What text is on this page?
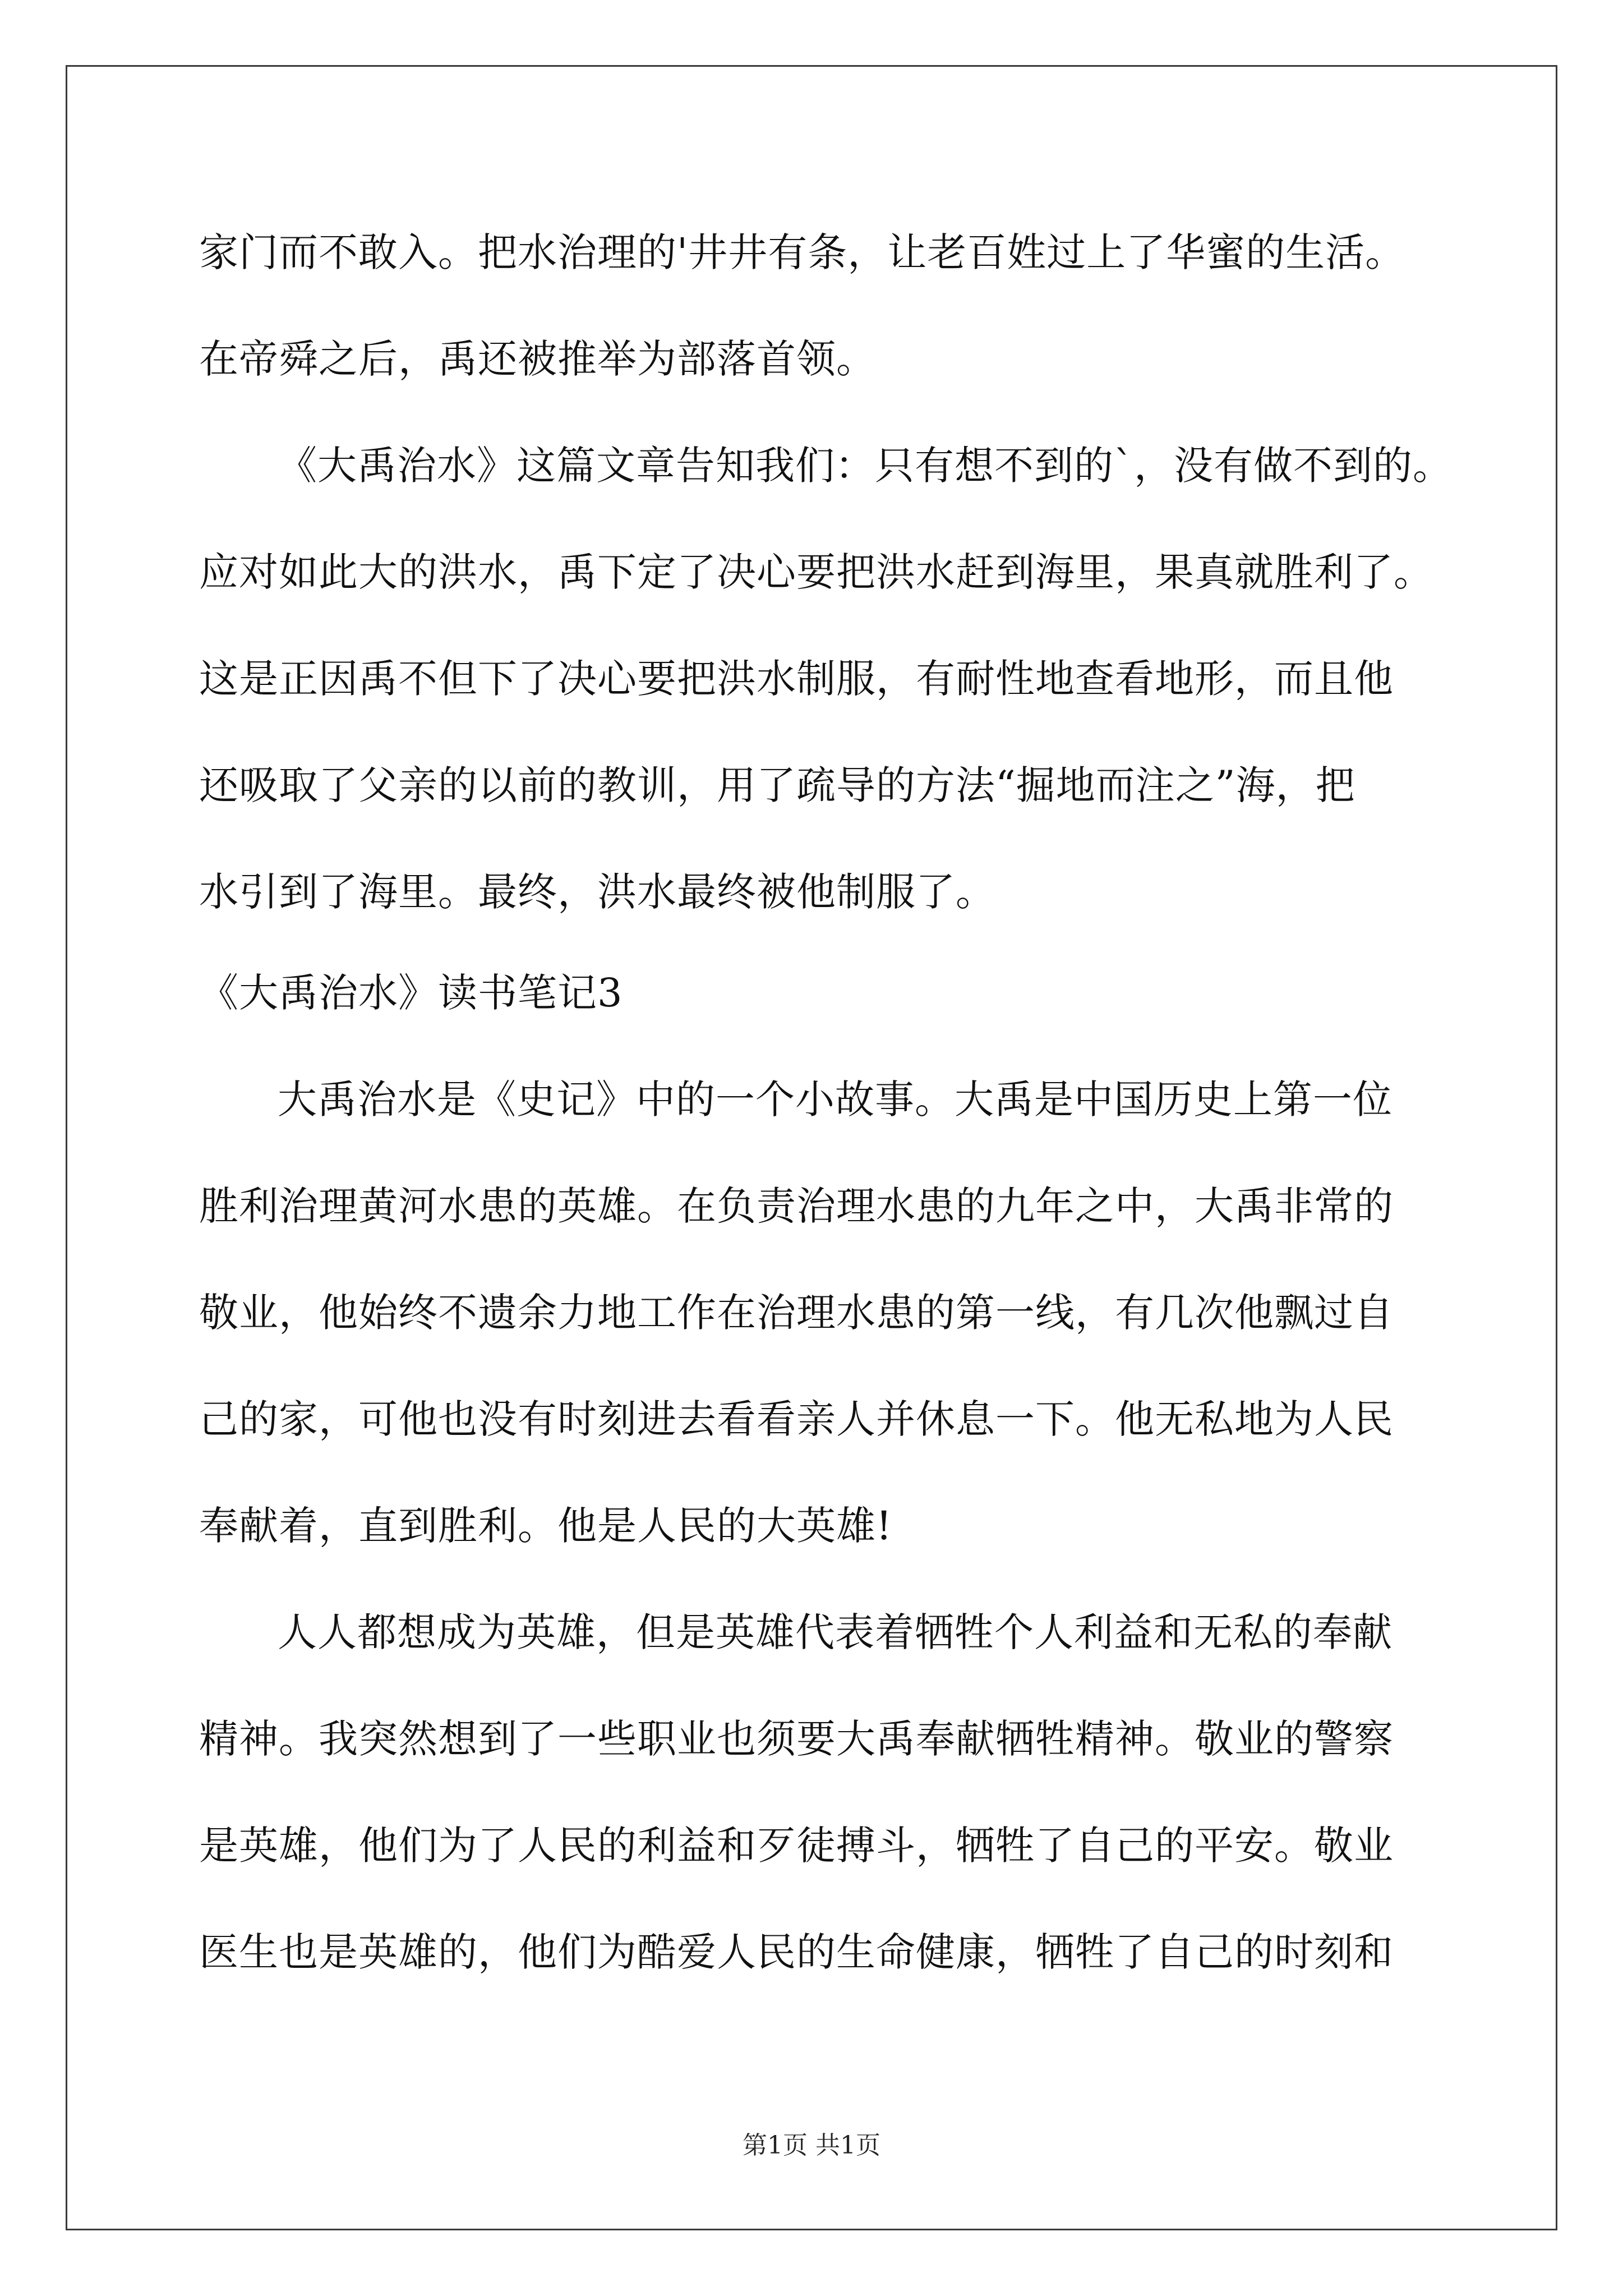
家门而不敢入。把水治理的'井井有条，让老百姓过上了华蜜的生活。
在帝舜之后，禹还被推举为部落首领。
《大禹治水》这篇文章告知我们：只有想不到的`，没有做不到的。
应对如此大的洪水，禹下定了决心要把洪水赶到海里，果真就胜利了。
这是正因禹不但下了决心要把洪水制服，有耐性地查看地形，而且他
还吸取了父亲的以前的教训，用了疏导的方法“掘地而注之”海，把
水引到了海里。最终，洪水最终被他制服了。
《大禹治水》读书笔记3
大禹治水是《史记》中的一个小故事。大禹是中国历史上第一位
胜利治理黄河水患的英雄。在负责治理水患的九年之中，大禹非常的
敬业，他始终不遗余力地工作在治理水患的第一线，有几次他飘过自
己的家，可他也没有时刻进去看看亲人并休息一下。他无私地为人民
奉献着，直到胜利。他是人民的大英雄!
人人都想成为英雄，但是英雄代表着牺牲个人利益和无私的奉献
精神。我突然想到了一些职业也须要大禹奉献牺牲精神。敬业的警察
是英雄，他们为了人民的利益和歹徒搏斗，牺牲了自己的平安。敬业
医生也是英雄的，他们为酷爱人民的生命健康，牺牲了自己的时刻和
第1页 共1页
